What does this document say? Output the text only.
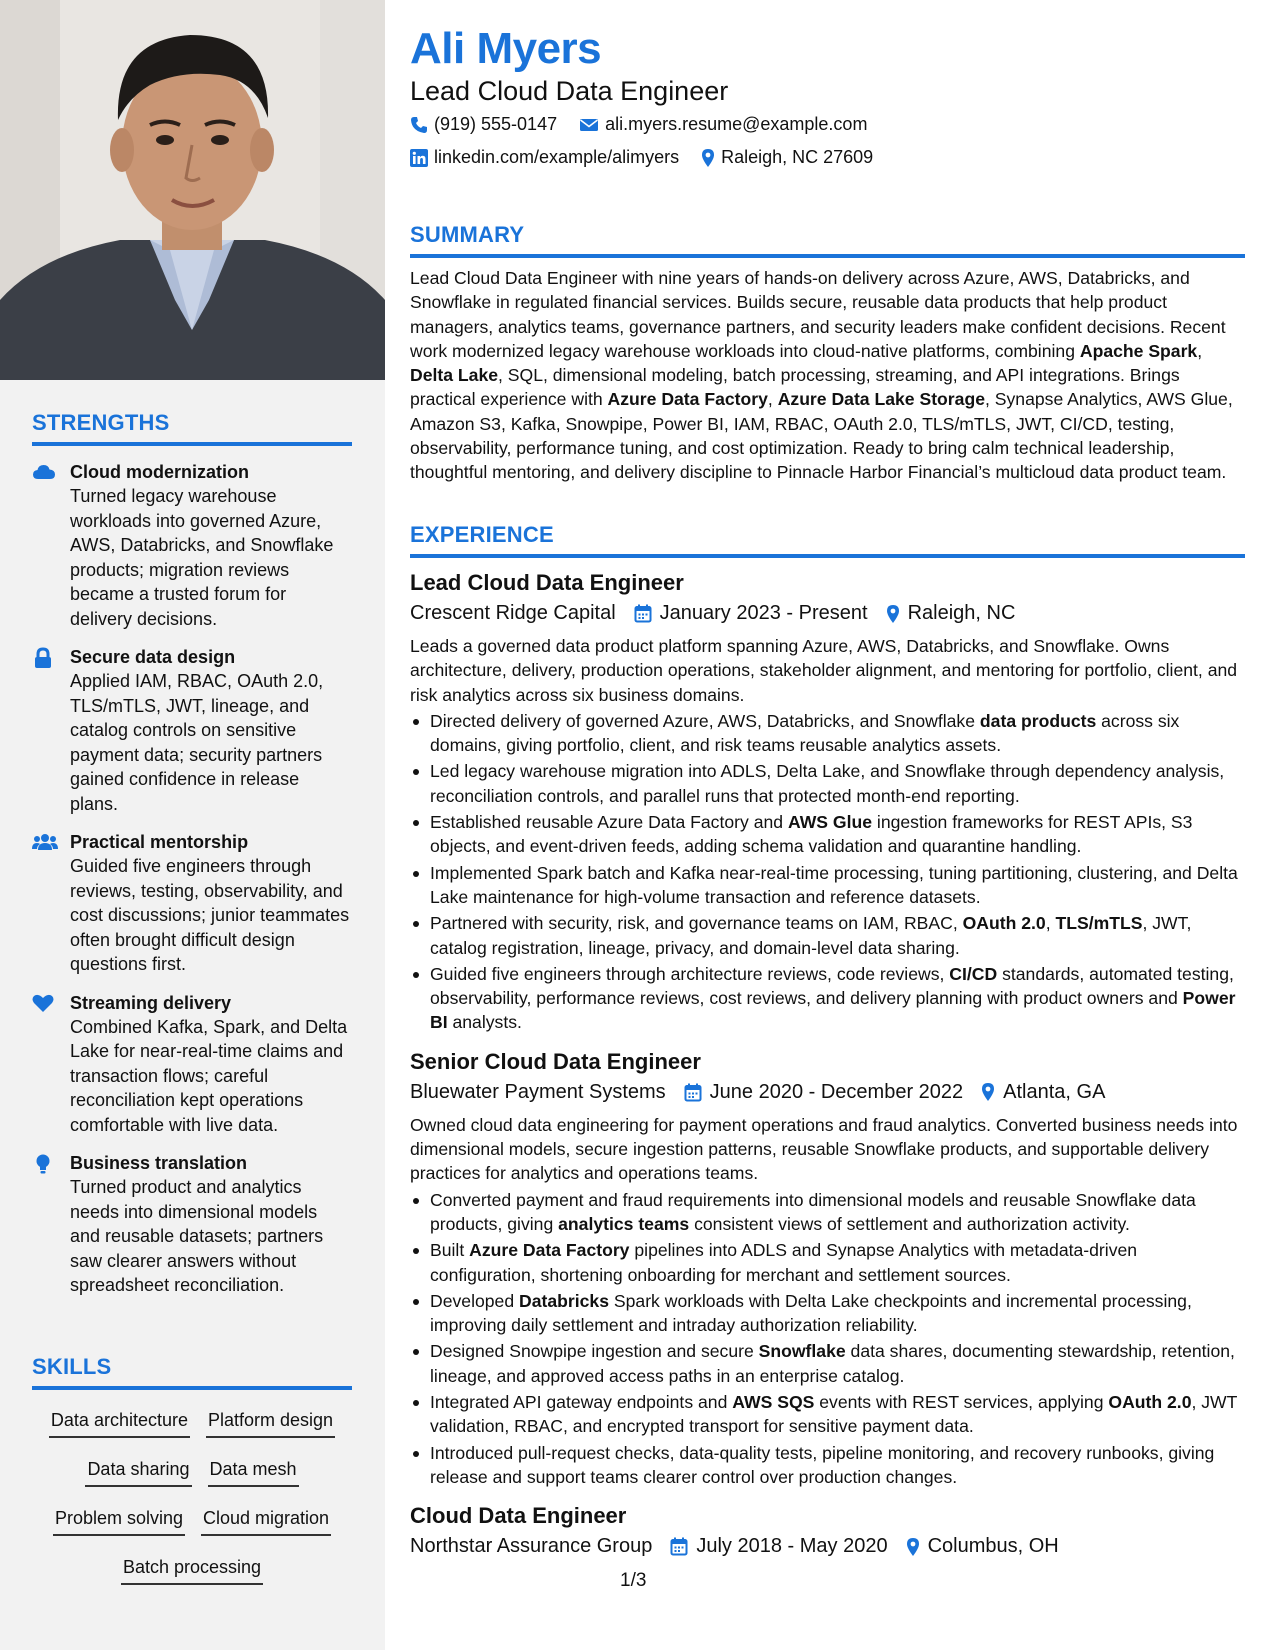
STRENGTHS
Cloud modernization
Turned legacy warehouse workloads into governed Azure, AWS, Databricks, and Snowflake products; migration reviews became a trusted forum for delivery decisions.
Secure data design
Applied IAM, RBAC, OAuth 2.0, TLS/mTLS, JWT, lineage, and catalog controls on sensitive payment data; security partners gained confidence in release plans.
Practical mentorship
Guided five engineers through reviews, testing, observability, and cost discussions; junior teammates often brought difficult design questions first.
Streaming delivery
Combined Kafka, Spark, and Delta Lake for near-real-time claims and transaction flows; careful reconciliation kept operations comfortable with live data.
Business translation
Turned product and analytics needs into dimensional models and reusable datasets; partners saw clearer answers without spreadsheet reconciliation.
SKILLS
Data architecture Platform design
Data sharing Data mesh
Problem solving Cloud migration
Batch processing
Ali Myers
Lead Cloud Data Engineer
(919) 555-0147	ali.myers.resume@example.com
linkedin.com/example/alimyers Raleigh, NC 27609
SUMMARY
Lead Cloud Data Engineer with nine years of hands-on delivery across Azure, AWS, Databricks, and Snowflake in regulated financial services. Builds secure, reusable data products that help product managers, analytics teams, governance partners, and security leaders make confident decisions. Recent work modernized legacy warehouse workloads into cloud-native platforms, combining Apache Spark, Delta Lake, SQL, dimensional modeling, batch processing, streaming, and API integrations. Brings practical experience with Azure Data Factory, Azure Data Lake Storage, Synapse Analytics, AWS Glue, Amazon S3, Kafka, Snowpipe, Power BI, IAM, RBAC, OAuth 2.0, TLS/mTLS, JWT, CI/CD, testing, observability, performance tuning, and cost optimization. Ready to bring calm technical leadership, thoughtful mentoring, and delivery discipline to Pinnacle Harbor Financial’s multicloud data product team.
EXPERIENCE
Lead Cloud Data Engineer
Crescent Ridge Capital January 2023 - Present Raleigh, NC
Leads a governed data product platform spanning Azure, AWS, Databricks, and Snowflake. Owns architecture, delivery, production operations, stakeholder alignment, and mentoring for portfolio, client, and risk analytics across six business domains.
Directed delivery of governed Azure, AWS, Databricks, and Snowflake data products across six domains, giving portfolio, client, and risk teams reusable analytics assets.
Led legacy warehouse migration into ADLS, Delta Lake, and Snowflake through dependency analysis, reconciliation controls, and parallel runs that protected month-end reporting.
Established reusable Azure Data Factory and AWS Glue ingestion frameworks for REST APIs, S3 objects, and event-driven feeds, adding schema validation and quarantine handling.
Implemented Spark batch and Kafka near-real-time processing, tuning partitioning, clustering, and Delta Lake maintenance for high-volume transaction and reference datasets.
Partnered with security, risk, and governance teams on IAM, RBAC, OAuth 2.0, TLS/mTLS, JWT, catalog registration, lineage, privacy, and domain-level data sharing.
Guided five engineers through architecture reviews, code reviews, CI/CD standards, automated testing, observability, performance reviews, cost reviews, and delivery planning with product owners and Power BI analysts.
Senior Cloud Data Engineer
Bluewater Payment Systems June 2020 - December 2022 Atlanta, GA
Owned cloud data engineering for payment operations and fraud analytics. Converted business needs into dimensional models, secure ingestion patterns, reusable Snowflake products, and supportable delivery practices for analytics and operations teams.
Converted payment and fraud requirements into dimensional models and reusable Snowflake data products, giving analytics teams consistent views of settlement and authorization activity.
Built Azure Data Factory pipelines into ADLS and Synapse Analytics with metadata-driven configuration, shortening onboarding for merchant and settlement sources.
Developed Databricks Spark workloads with Delta Lake checkpoints and incremental processing, improving daily settlement and intraday authorization reliability.
Designed Snowpipe ingestion and secure Snowflake data shares, documenting stewardship, retention, lineage, and approved access paths in an enterprise catalog.
Integrated API gateway endpoints and AWS SQS events with REST services, applying OAuth 2.0, JWT validation, RBAC, and encrypted transport for sensitive payment data.
Introduced pull-request checks, data-quality tests, pipeline monitoring, and recovery runbooks, giving release and support teams clearer control over production changes.
Cloud Data Engineer
Northstar Assurance Group July 2018 - May 2020 Columbus, OH
1/3
